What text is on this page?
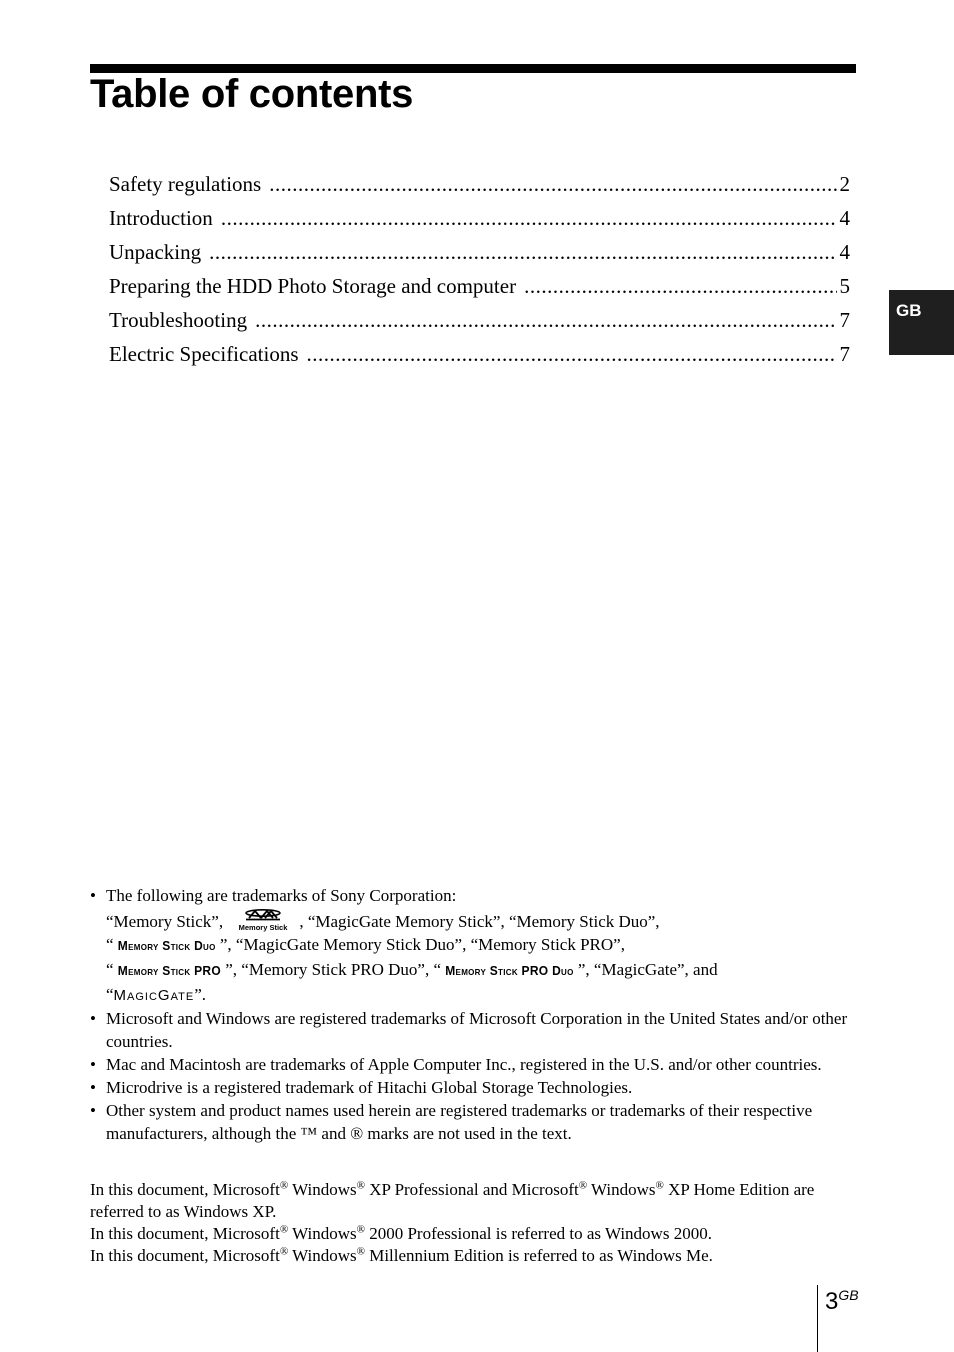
Table of contents
Safety regulations .....	2
Introduction .....	4
Unpacking .....	4
Preparing the HDD Photo Storage and computer .....	5
Troubleshooting .....	7
Electric Specifications .....	7
GB

• The following are trademarks of Sony Corporation:

“Memory Stick”, Memory Stick , “MagicGate Memory Stick”, “Memory Stick Duo”,

“ Memory Stick Duo ”, “MagicGate Memory Stick Duo”, “Memory Stick PRO”,

“ Memory Stick PRO ”, “Memory Stick PRO Duo”, “ Memory Stick PRO Duo ”, “MagicGate”, and

“MagicGate”.

• Microsoft and Windows are registered trademarks of Microsoft Corporation in the United States and/or other countries.

• Mac and Macintosh are trademarks of Apple Computer Inc., registered in the U.S. and/or other countries.

• Microdrive is a registered trademark of Hitachi Global Storage Technologies.

• Other system and product names used herein are registered trademarks or trademarks of their respective manufacturers, although the ™ and ® marks are not used in the text.

In this document, Microsoft® Windows® XP Professional and Microsoft® Windows® XP Home Edition are referred to as Windows XP.

In this document, Microsoft® Windows® 2000 Professional is referred to as Windows 2000.

In this document, Microsoft® Windows® Millennium Edition is referred to as Windows Me.

$3^{GB}$
